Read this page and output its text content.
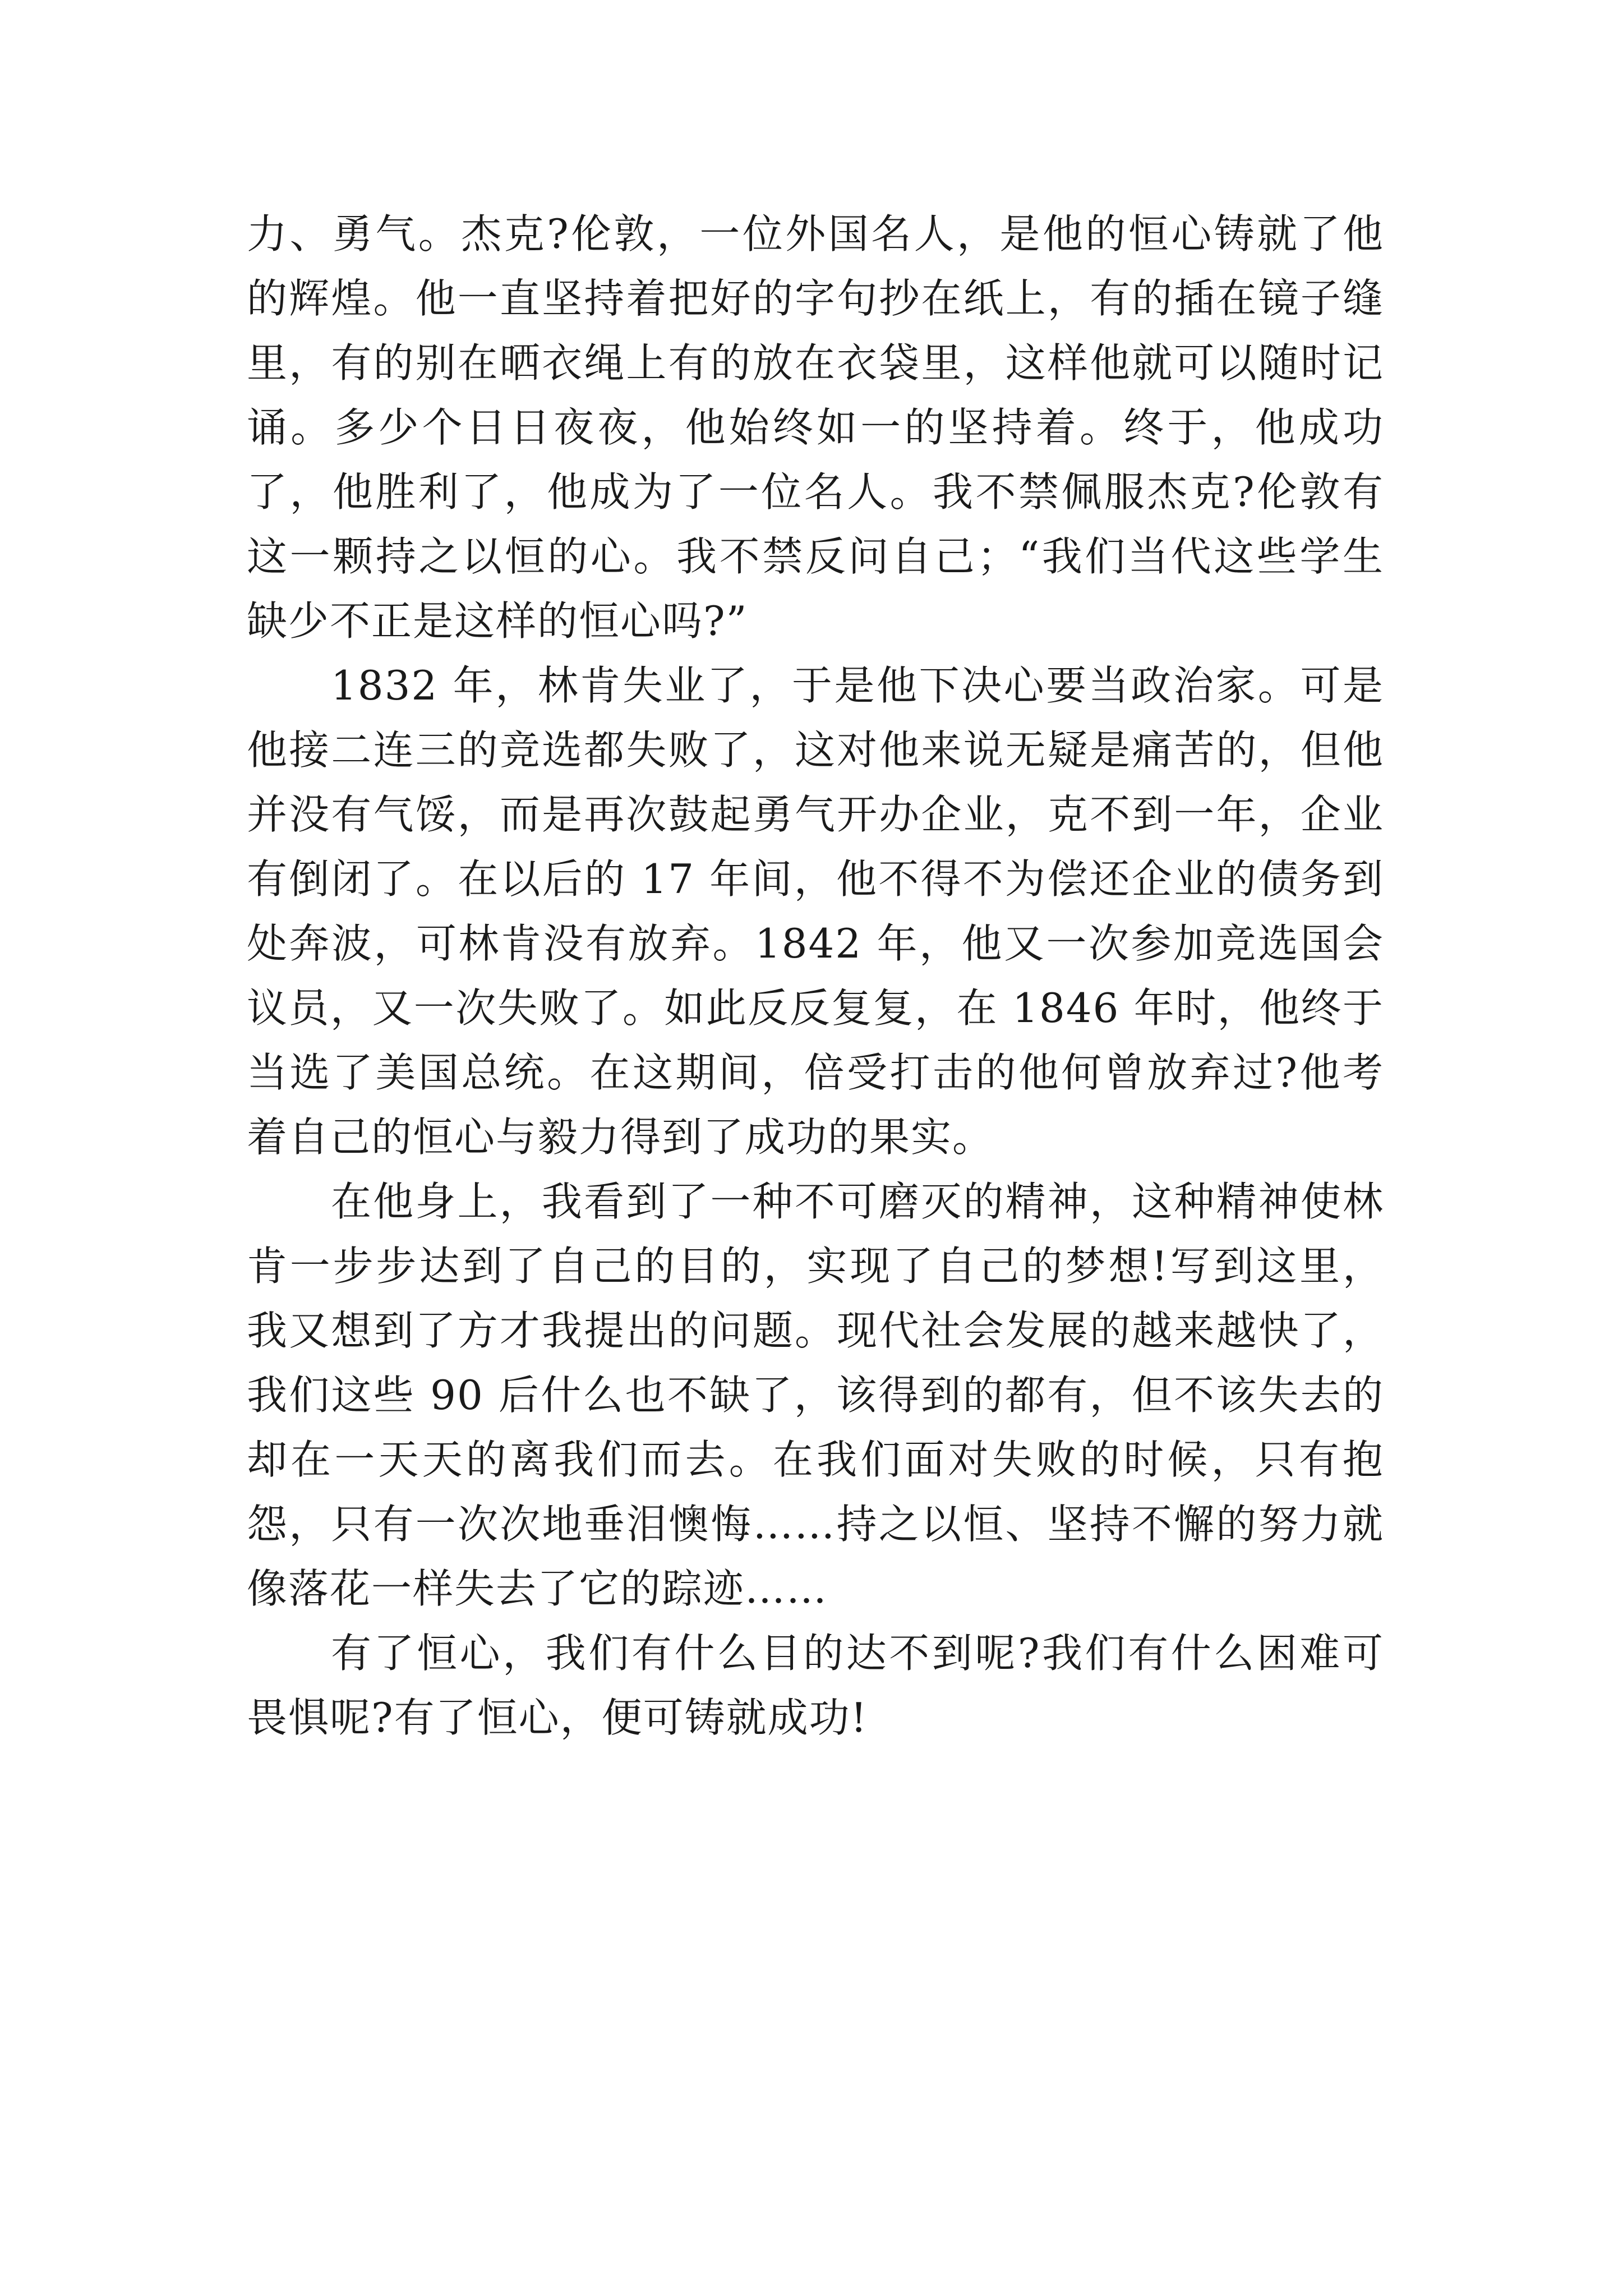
力、勇气。杰克?伦敦，一位外国名人，是他的恒心铸就了他的辉煌。他一直坚持着把好的字句抄在纸上，有的插在镜子缝里，有的别在晒衣绳上有的放在衣袋里，这样他就可以随时记诵。多少个日日夜夜，他始终如一的坚持着。终于，他成功了，他胜利了，他成为了一位名人。我不禁佩服杰克?伦敦有这一颗持之以恒的心。我不禁反问自己；“我们当代这些学生缺少不正是这样的恒心吗?”

1832 年，林肯失业了，于是他下决心要当政治家。可是他接二连三的竞选都失败了，这对他来说无疑是痛苦的，但他并没有气馁，而是再次鼓起勇气开办企业，克不到一年，企业有倒闭了。在以后的 17 年间，他不得不为偿还企业的债务到处奔波，可林肯没有放弃。1842 年，他又一次参加竞选国会议员，又一次失败了。如此反反复复，在 1846 年时，他终于当选了美国总统。在这期间，倍受打击的他何曾放弃过?他考着自己的恒心与毅力得到了成功的果实。

在他身上，我看到了一种不可磨灭的精神，这种精神使林肯一步步达到了自己的目的，实现了自己的梦想!写到这里，我又想到了方才我提出的问题。现代社会发展的越来越快了，我们这些 90 后什么也不缺了，该得到的都有，但不该失去的却在一天天的离我们而去。在我们面对失败的时候，只有抱怨，只有一次次地垂泪懊悔……持之以恒、坚持不懈的努力就像落花一样失去了它的踪迹……

有了恒心，我们有什么目的达不到呢?我们有什么困难可畏惧呢?有了恒心，便可铸就成功!
